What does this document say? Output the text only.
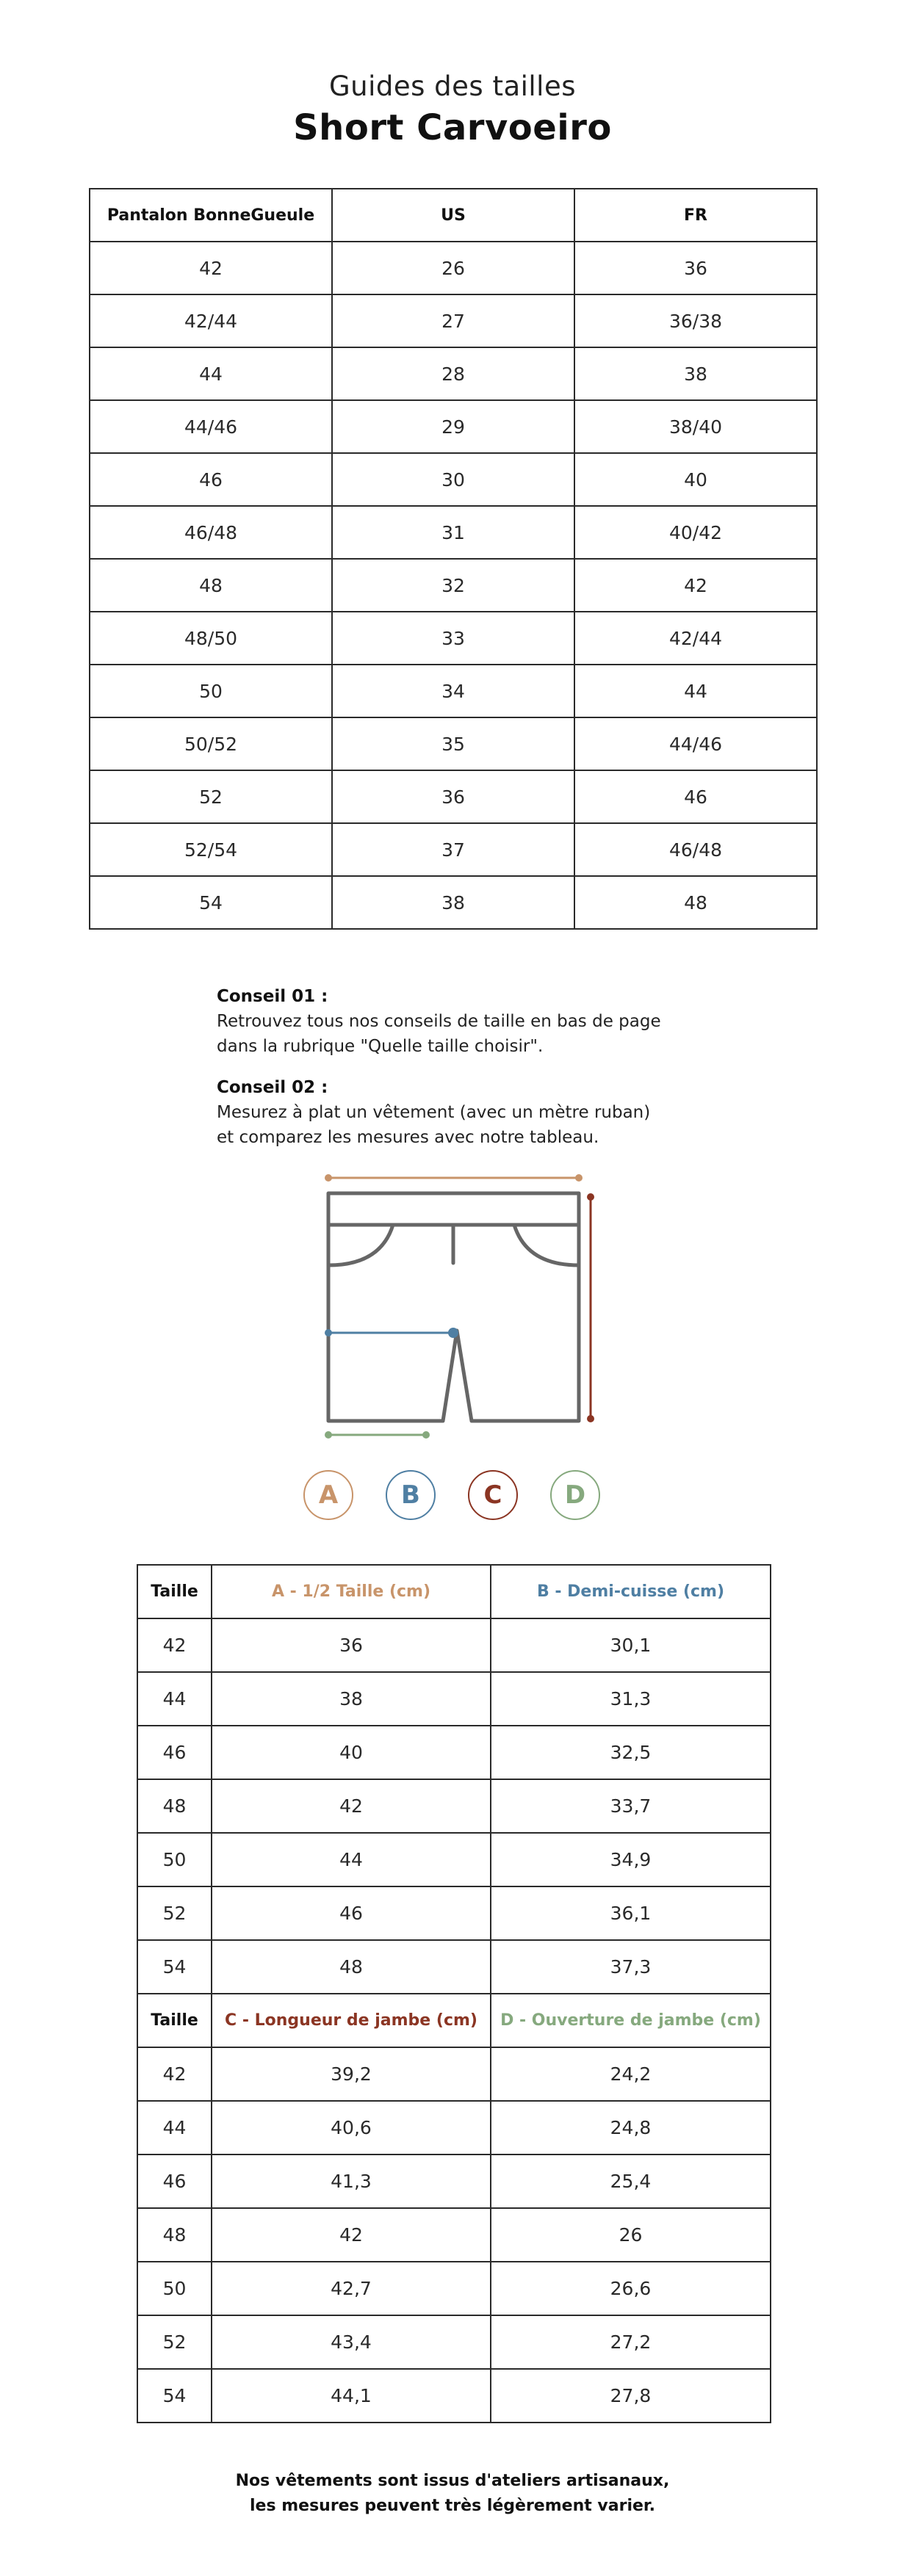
Guides des tailles
Short Carvoeiro
Pantalon BonneGueule	US	FR
42	26	36
42/44	27	36/38
44	28	38
44/46	29	38/40
46	30	40
46/48	31	40/42
48	32	42
48/50	33	42/44
50	34	44
50/52	35	44/46
52	36	46
52/54	37	46/48
54	38	48
Conseil 01 :
Retrouvez tous nos conseils de taille en bas de page
dans la rubrique "Quelle taille choisir".
Conseil 02 :
Mesurez à plat un vêtement (avec un mètre ruban)
et comparez les mesures avec notre tableau.
A	B	C	D
Taille	A - 1/2 Taille (cm)	B - Demi-cuisse (cm)
42	36	30,1
44	38	31,3
46	40	32,5
48	42	33,7
50	44	34,9
52	46	36,1
54	48	37,3
Taille	C - Longueur de jambe (cm)	D - Ouverture de jambe (cm)
42	39,2	24,2
44	40,6	24,8
46	41,3	25,4
48	42	26
50	42,7	26,6
52	43,4	27,2
54	44,1	27,8
Nos vêtements sont issus d'ateliers artisanaux,
les mesures peuvent très légèrement varier.
